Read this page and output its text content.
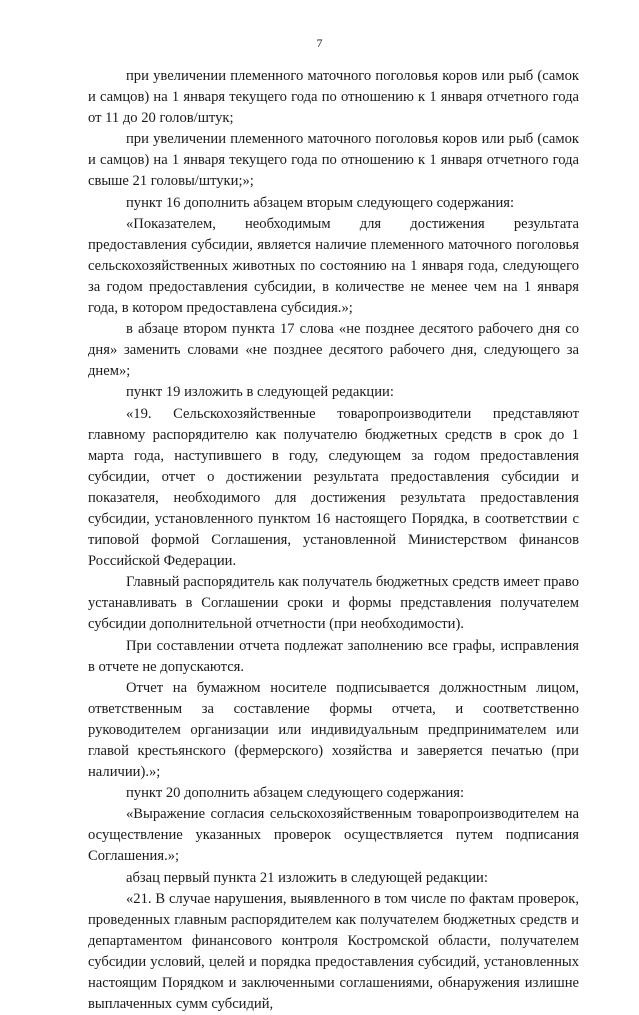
7

при увеличении племенного маточного поголовья коров или рыб (самок и самцов) на 1 января текущего года по отношению к 1 января отчетного года от 11 до 20 голов/штук;

при увеличении племенного маточного поголовья коров или рыб (самок и самцов) на 1 января текущего года по отношению к 1 января отчетного года свыше 21 головы/штуки;»;

пункт 16 дополнить абзацем вторым следующего содержания:

«Показателем, необходимым для достижения результата предоставления субсидии, является наличие племенного маточного поголовья сельскохозяйственных животных по состоянию на 1 января года, следующего за годом предоставления субсидии, в количестве не менее чем на 1 января года, в котором предоставлена субсидия.»;

в абзаце втором пункта 17 слова «не позднее десятого рабочего дня со дня» заменить словами «не позднее десятого рабочего дня, следующего за днем»;

пункт 19 изложить в следующей редакции:

«19. Сельскохозяйственные товаропроизводители представляют главному распорядителю как получателю бюджетных средств в срок до 1 марта года, наступившего в году, следующем за годом предоставления субсидии, отчет о достижении результата предоставления субсидии и показателя, необходимого для достижения результата предоставления субсидии, установленного пунктом 16 настоящего Порядка, в соответствии с типовой формой Соглашения, установленной Министерством финансов Российской Федерации.

Главный распорядитель как получатель бюджетных средств имеет право устанавливать в Соглашении сроки и формы представления получателем субсидии дополнительной отчетности (при необходимости).

При составлении отчета подлежат заполнению все графы, исправления в отчете не допускаются.

Отчет на бумажном носителе подписывается должностным лицом, ответственным за составление формы отчета, и соответственно руководителем организации или индивидуальным предпринимателем или главой крестьянского (фермерского) хозяйства и заверяется печатью (при наличии).»;

пункт 20 дополнить абзацем следующего содержания:

«Выражение согласия сельскохозяйственным товаропроизводителем на осуществление указанных проверок осуществляется путем подписания Соглашения.»;

абзац первый пункта 21 изложить в следующей редакции:

«21. В случае нарушения, выявленного в том числе по фактам проверок, проведенных главным распорядителем как получателем бюджетных средств и департаментом финансового контроля Костромской области, получателем субсидии условий, целей и порядка предоставления субсидий, установленных настоящим Порядком и заключенными соглашениями, обнаружения излишне выплаченных сумм субсидий,
